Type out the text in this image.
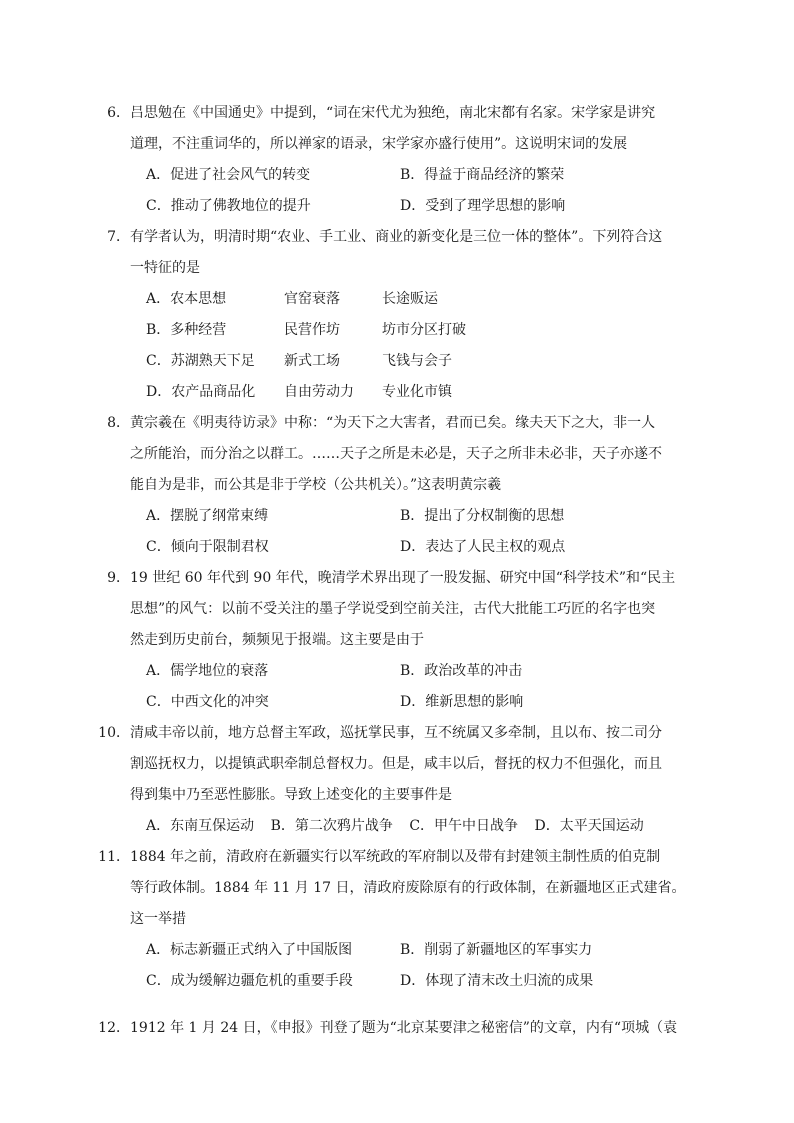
6． 吕思勉在《中国通史》中提到，“词在宋代尤为独绝，南北宋都有名家。宋学家是讲究
道理，不注重词华的，所以禅家的语录，宋学家亦盛行使用”。这说明宋词的发展
A．促进了社会风气的转变	B．得益于商品经济的繁荣
C．推动了佛教地位的提升	D．受到了理学思想的影响
7． 有学者认为，明清时期“农业、手工业、商业的新变化是三位一体的整体”。下列符合这
一特征的是
A．农本思想	官窑衰落	长途贩运
B．多种经营	民营作坊	坊市分区打破
C．苏湖熟天下足 新式工场	飞钱与会子
D．农产品商品化 自由劳动力 专业化市镇
8． 黄宗羲在《明夷待访录》中称：“为天下之大害者，君而已矣。缘夫天下之大，非一人
之所能治，而分治之以群工。……天子之所是未必是，天子之所非未必非，天子亦遂不
能自为是非，而公其是非于学校（公共机关）。”这表明黄宗羲
A．摆脱了纲常束缚	B．提出了分权制衡的思想
C．倾向于限制君权	D．表达了人民主权的观点
9． 19 世纪 60 年代到 90 年代，晚清学术界出现了一股发掘、研究中国“科学技术”和“民主
思想”的风气：以前不受关注的墨子学说受到空前关注，古代大批能工巧匠的名字也突
然走到历史前台，频频见于报端。这主要是由于
A．儒学地位的衰落	B．政治改革的冲击
C．中西文化的冲突	D．维新思想的影响
10． 清咸丰帝以前，地方总督主军政，巡抚掌民事，互不统属又多牵制，且以布、按二司分
割巡抚权力，以提镇武职牵制总督权力。但是，咸丰以后，督抚的权力不但强化，而且
得到集中乃至恶性膨胀。导致上述变化的主要事件是
A．东南互保运动 B．第二次鸦片战争 C．甲午中日战争 D．太平天国运动
11． 1884 年之前，清政府在新疆实行以军统政的军府制以及带有封建领主制性质的伯克制
等行政体制。1884 年 11 月 17 日，清政府废除原有的行政体制，在新疆地区正式建省。
这一举措
A．标志新疆正式纳入了中国版图	B．削弱了新疆地区的军事实力
C．成为缓解边疆危机的重要手段	D．体现了清末改土归流的成果
12． 1912 年 1 月 24 日，《申报》刊登了题为“北京某要津之秘密信”的文章，内有“项城（袁
